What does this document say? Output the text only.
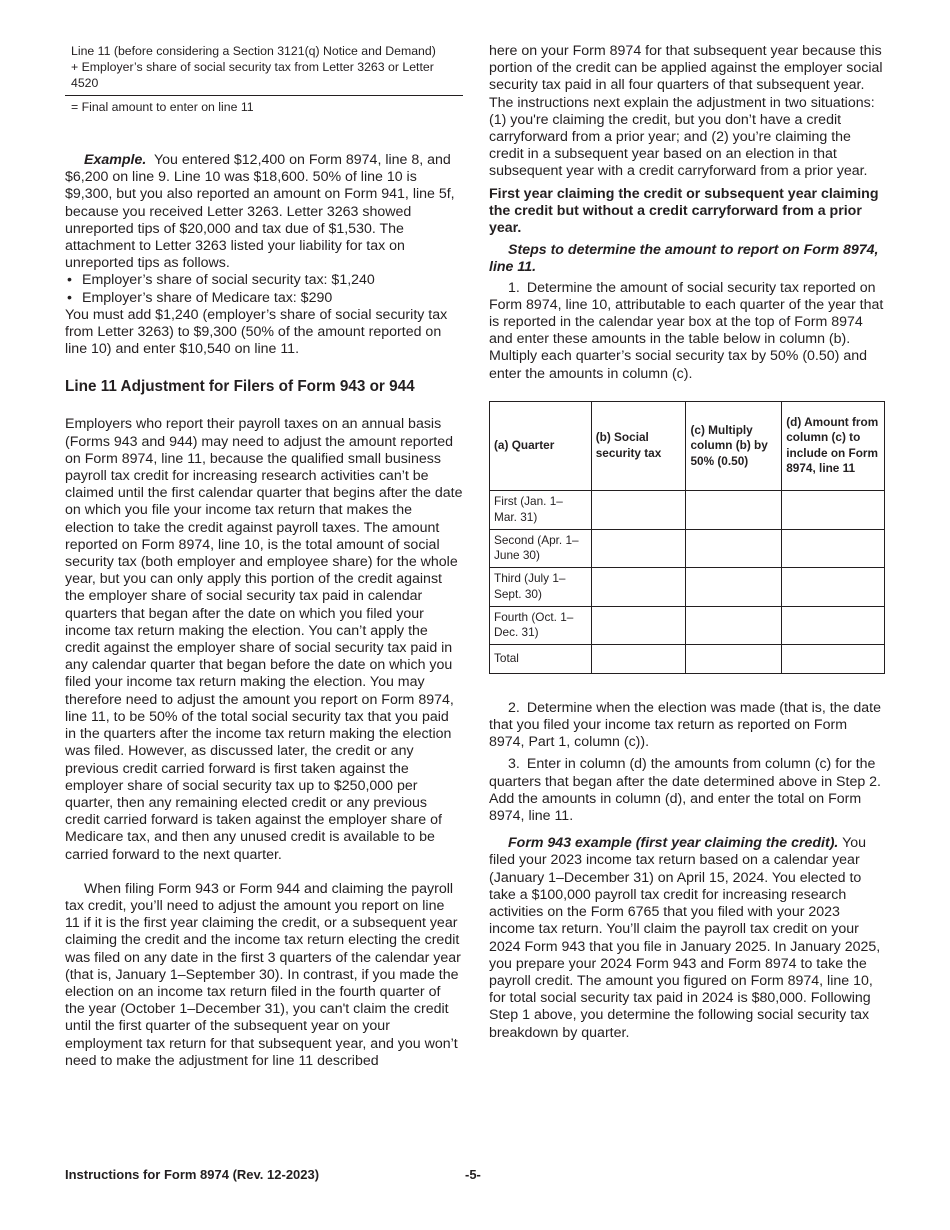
Line 11 (before considering a Section 3121(q) Notice and Demand)

+ Employer’s share of social security tax from Letter 3263 or Letter 4520

= Final amount to enter on line 11

Example. You entered $12,400 on Form 8974, line 8, and $6,200 on line 9. Line 10 was $18,600. 50% of line 10 is $9,300, but you also reported an amount on Form 941, line 5f, because you received Letter 3263. Letter 3263 showed unreported tips of $20,000 and tax due of $1,530. The attachment to Letter 3263 listed your liability for tax on unreported tips as follows.

• Employer’s share of social security tax: $1,240
• Employer’s share of Medicare tax: $290

You must add $1,240 (employer’s share of social security tax from Letter 3263) to $9,300 (50% of the amount reported on line 10) and enter $10,540 on line 11.

Line 11 Adjustment for Filers of Form 943 or 944

Employers who report their payroll taxes on an annual basis (Forms 943 and 944) may need to adjust the amount reported on Form 8974, line 11, because the qualified small business payroll tax credit for increasing research activities can’t be claimed until the first calendar quarter that begins after the date on which you file your income tax return that makes the election to take the credit against payroll taxes. The amount reported on Form 8974, line 10, is the total amount of social security tax (both employer and employee share) for the whole year, but you can only apply this portion of the credit against the employer share of social security tax paid in calendar quarters that began after the date on which you filed your income tax return making the election. You can’t apply the credit against the employer share of social security tax paid in any calendar quarter that began before the date on which you filed your income tax return making the election. You may therefore need to adjust the amount you report on Form 8974, line 11, to be 50% of the total social security tax that you paid in the quarters after the income tax return making the election was filed. However, as discussed later, the credit or any previous credit carried forward is first taken against the employer share of social security tax up to $250,000 per quarter, then any remaining elected credit or any previous credit carried forward is taken against the employer share of Medicare tax, and then any unused credit is available to be carried forward to the next quarter.

When filing Form 943 or Form 944 and claiming the payroll tax credit, you’ll need to adjust the amount you report on line 11 if it is the first year claiming the credit, or a subsequent year claiming the credit and the income tax return electing the credit was filed on any date in the first 3 quarters of the calendar year (that is, January 1–September 30). In contrast, if you made the election on an income tax return filed in the fourth quarter of the year (October 1–December 31), you can't claim the credit until the first quarter of the subsequent year on your employment tax return for that subsequent year, and you won’t need to make the adjustment for line 11 described

here on your Form 8974 for that subsequent year because this portion of the credit can be applied against the employer social security tax paid in all four quarters of that subsequent year. The instructions next explain the adjustment in two situations: (1) you're claiming the credit, but you don’t have a credit carryforward from a prior year; and (2) you’re claiming the credit in a subsequent year based on an election in that subsequent year with a credit carryforward from a prior year.

First year claiming the credit or subsequent year claiming the credit but without a credit carryforward from a prior year.

Steps to determine the amount to report on Form 8974, line 11.

1. Determine the amount of social security tax reported on Form 8974, line 10, attributable to each quarter of the year that is reported in the calendar year box at the top of Form 8974 and enter these amounts in the table below in column (b). Multiply each quarter’s social security tax by 50% (0.50) and enter the amounts in column (c).

(a) Quarter	(b) Social security tax	(c) Multiply column (b) by 50% (0.50)	(d) Amount from column (c) to include on Form 8974, line 11
First (Jan. 1– Mar. 31)			
Second (Apr. 1– June 30)			
Third (July 1– Sept. 30)			
Fourth (Oct. 1– Dec. 31)			
Total			

2. Determine when the election was made (that is, the date that you filed your income tax return as reported on Form 8974, Part 1, column (c)).

3. Enter in column (d) the amounts from column (c) for the quarters that began after the date determined above in Step 2. Add the amounts in column (d), and enter the total on Form 8974, line 11.

Form 943 example (first year claiming the credit). You filed your 2023 income tax return based on a calendar year (January 1–December 31) on April 15, 2024. You elected to take a $100,000 payroll tax credit for increasing research activities on the Form 6765 that you filed with your 2023 income tax return. You’ll claim the payroll tax credit on your 2024 Form 943 that you file in January 2025. In January 2025, you prepare your 2024 Form 943 and Form 8974 to take the payroll credit. The amount you figured on Form 8974, line 10, for total social security tax paid in 2024 is $80,000. Following Step 1 above, you determine the following social security tax breakdown by quarter.

Instructions for Form 8974 (Rev. 12-2023)	-5-
